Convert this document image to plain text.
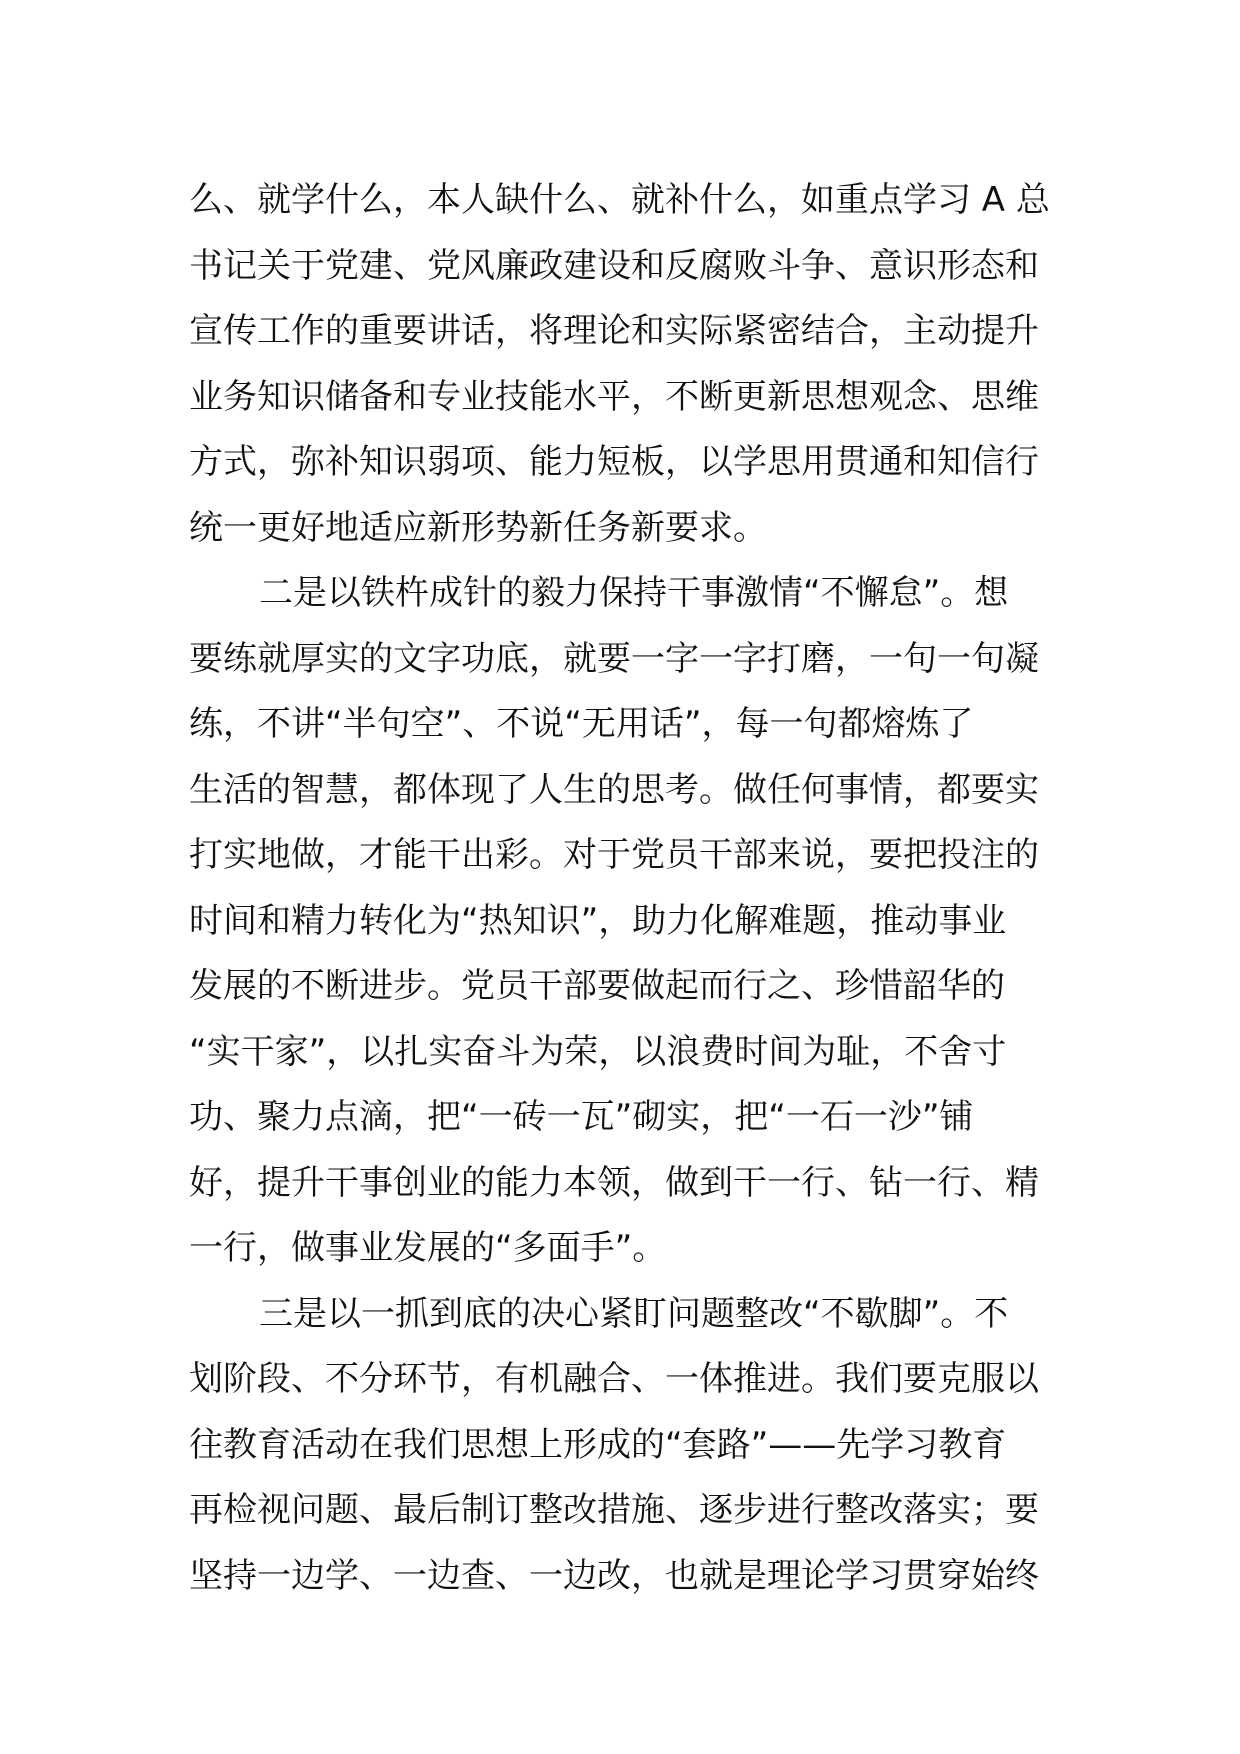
么、就学什么，本人缺什么、就补什么，如重点学习 A 总
书记关于党建、党风廉政建设和反腐败斗争、意识形态和
宣传工作的重要讲话，将理论和实际紧密结合，主动提升
业务知识储备和专业技能水平，不断更新思想观念、思维
方式，弥补知识弱项、能力短板，以学思用贯通和知信行
统一更好地适应新形势新任务新要求。
二是以铁杵成针的毅力保持干事激情“不懈怠”。想
要练就厚实的文字功底，就要一字一字打磨，一句一句凝
练，不讲“半句空”、不说“无用话”，每一句都熔炼了
生活的智慧，都体现了人生的思考。做任何事情，都要实
打实地做，才能干出彩。对于党员干部来说，要把投注的
时间和精力转化为“热知识”，助力化解难题，推动事业
发展的不断进步。党员干部要做起而行之、珍惜韶华的
“实干家”，以扎实奋斗为荣，以浪费时间为耻，不舍寸
功、聚力点滴，把“一砖一瓦”砌实，把“一石一沙”铺
好，提升干事创业的能力本领，做到干一行、钻一行、精
一行，做事业发展的“多面手”。
三是以一抓到底的决心紧盯问题整改“不歇脚”。不
划阶段、不分环节，有机融合、一体推进。我们要克服以
往教育活动在我们思想上形成的“套路”——先学习教育
再检视问题、最后制订整改措施、逐步进行整改落实；要
坚持一边学、一边查、一边改，也就是理论学习贯穿始终
